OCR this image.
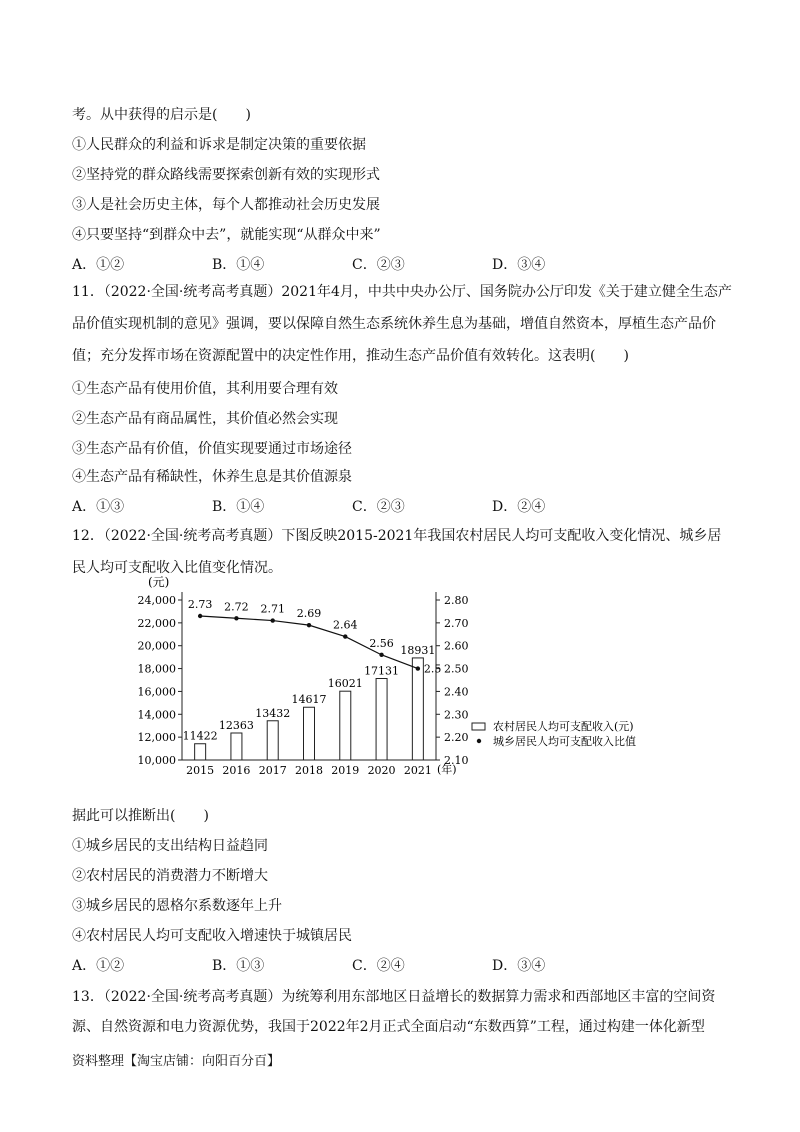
考。从中获得的启示是(　　)
①人民群众的利益和诉求是制定决策的重要依据
②坚持党的群众路线需要探索创新有效的实现形式
③人是社会历史主体，每个人都推动社会历史发展
④只要坚持“到群众中去”，就能实现“从群众中来”
A．①②	B．①④	C．②③	D．③④
11．（2022·全国·统考高考真题）2021年4月，中共中央办公厅、国务院办公厅印发《关于建立健全生态产品价值实现机制的意见》强调，要以保障自然生态系统休养生息为基础，增值自然资本，厚植生态产品价值；充分发挥市场在资源配置中的决定性作用，推动生态产品价值有效转化。这表明(　　)
①生态产品有使用价值，其利用要合理有效
②生态产品有商品属性，其价值必然会实现
③生态产品有价值，价值实现要通过市场途径
④生态产品有稀缺性，休养生息是其价值源泉
A．①③	B．①④	C．②③	D．②④
12．（2022·全国·统考高考真题）下图反映2015-2021年我国农村居民人均可支配收入变化情况、城乡居民人均可支配收入比值变化情况。
(元)
10,000
12,000
14,000
16,000
18,000
20,000
22,000
24,000
2.10
2.20
2.30
2.40
2.50
2.60
2.70
2.80
2015 2016 2017 2018 2019 2020 2021
11422
12363
13432
14617
16021
17131
18931
2.73 2.72 2.71 2.69
2.64
2.56
2.5
(年)
农村居民人均可支配收入(元)
城乡居民人均可支配收入比值
据此可以推断出(　　)
①城乡居民的支出结构日益趋同
②农村居民的消费潜力不断增大
③城乡居民的恩格尔系数逐年上升
④农村居民人均可支配收入增速快于城镇居民
A．①②	B．①③	C．②④	D．③④
13．（2022·全国·统考高考真题）为统筹利用东部地区日益增长的数据算力需求和西部地区丰富的空间资
源、自然资源和电力资源优势，我国于2022年2月正式全面启动“东数西算”工程，通过构建一体化新型
资料整理【淘宝店铺：向阳百分百】
